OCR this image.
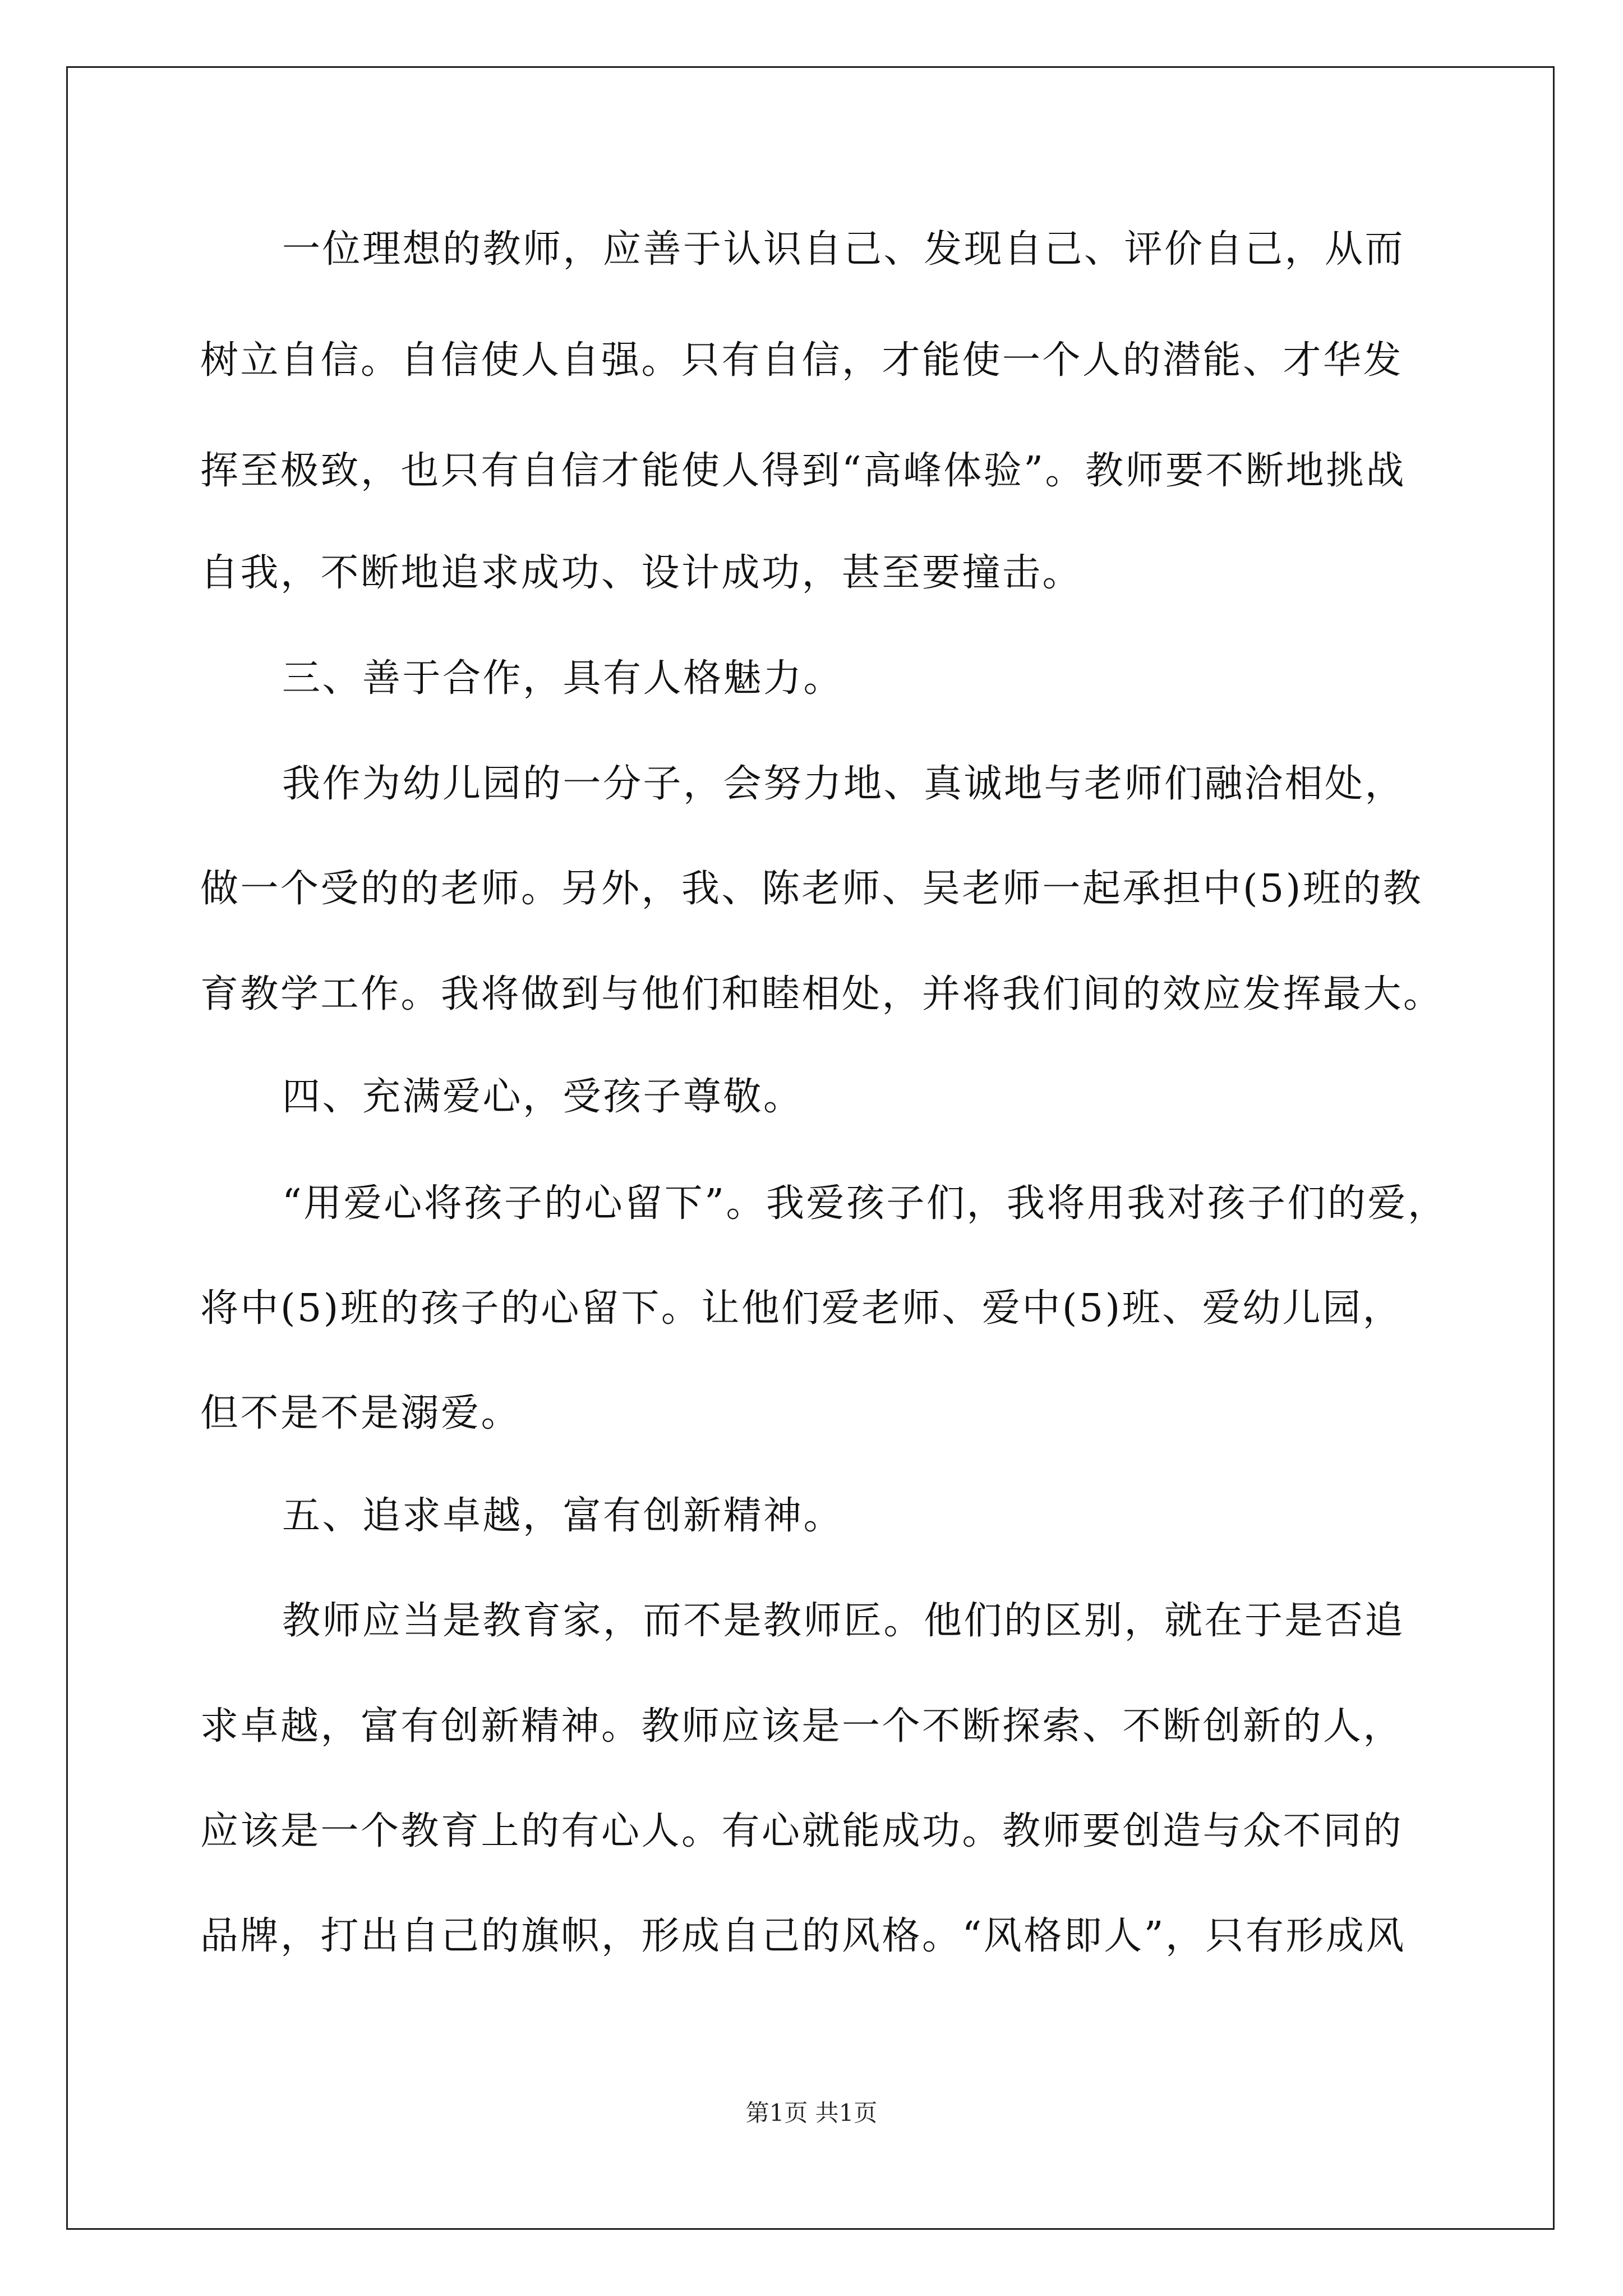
一位理想的教师，应善于认识自己、发现自己、评价自己，从而
树立自信。自信使人自强。只有自信，才能使一个人的潜能、才华发
挥至极致，也只有自信才能使人得到“高峰体验”。教师要不断地挑战
自我，不断地追求成功、设计成功，甚至要撞击。
三、善于合作，具有人格魅力。
我作为幼儿园的一分子，会努力地、真诚地与老师们融洽相处，
做一个受的的老师。另外，我、陈老师、吴老师一起承担中(5)班的教
育教学工作。我将做到与他们和睦相处，并将我们间的效应发挥最大。
四、充满爱心，受孩子尊敬。
“用爱心将孩子的心留下”。我爱孩子们，我将用我对孩子们的爱，
将中(5)班的孩子的心留下。让他们爱老师、爱中(5)班、爱幼儿园，
但不是不是溺爱。
五、追求卓越，富有创新精神。
教师应当是教育家，而不是教师匠。他们的区别，就在于是否追
求卓越，富有创新精神。教师应该是一个不断探索、不断创新的人，
应该是一个教育上的有心人。有心就能成功。教师要创造与众不同的
品牌，打出自己的旗帜，形成自己的风格。“风格即人”，只有形成风
第1页 共1页
